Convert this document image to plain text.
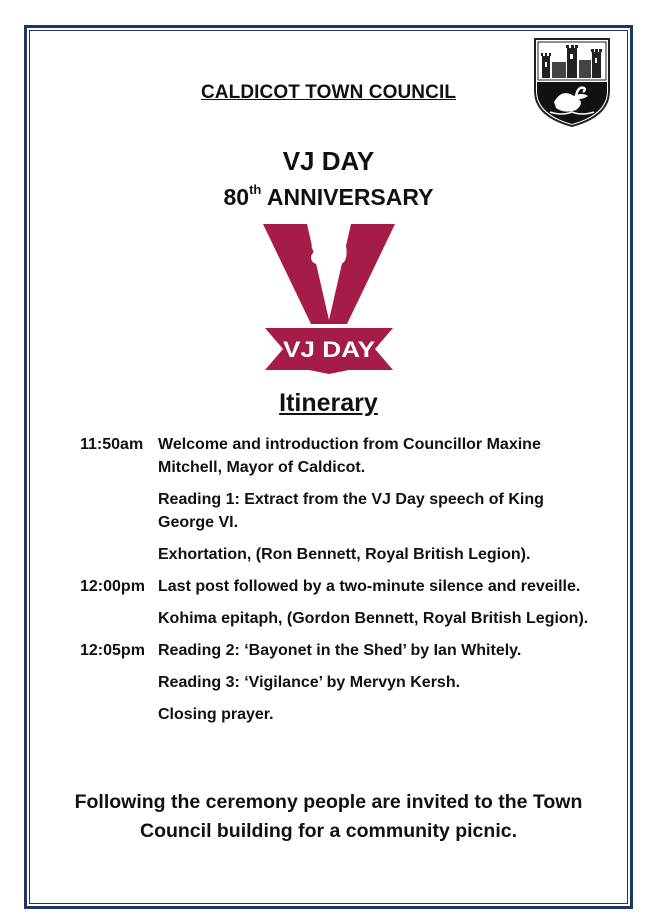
CALDICOT TOWN COUNCIL
VJ DAY
80th ANNIVERSARY
80
VJ DAY
Itinerary
11:50am Welcome and introduction from Councillor Maxine Mitchell, Mayor of Caldicot.
Reading 1: Extract from the VJ Day speech of King George VI.
Exhortation, (Ron Bennett, Royal British Legion).
12:00pm Last post followed by a two-minute silence and reveille.
Kohima epitaph, (Gordon Bennett, Royal British Legion).
12:05pm Reading 2: ‘Bayonet in the Shed’ by Ian Whitely.
Reading 3: ‘Vigilance’ by Mervyn Kersh.
Closing prayer.

Following the ceremony people are invited to the Town Council building for a community picnic.
